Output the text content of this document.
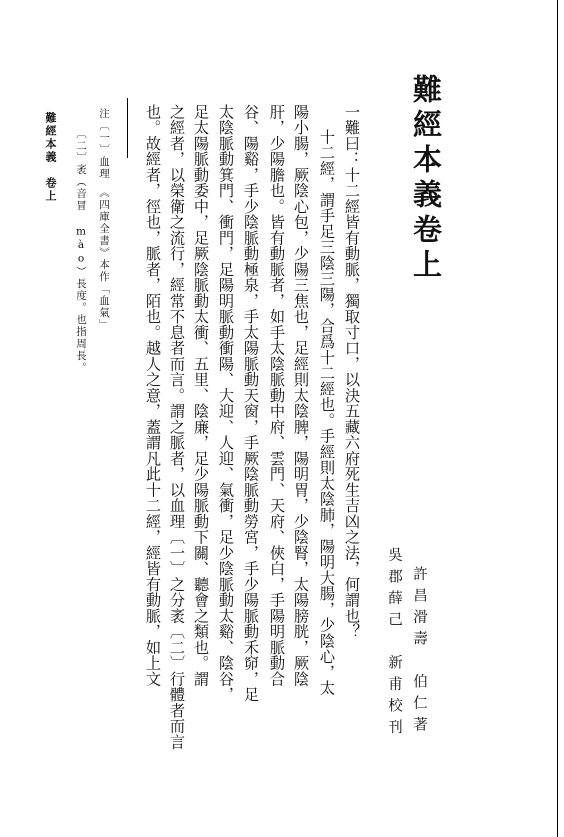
難經本義卷上
許昌滑壽　伯仁著
吳郡薛己　新甫校刊
一難曰：十二經皆有動脈，獨取寸口，以決五藏六府死生吉凶之法，何謂也？
十二經，謂手足三陰三陽，合爲十二經也。手經則太陰肺，陽明大腸，少陰心，太
陽小腸，厥陰心包，少陽三焦也，足經則太陰脾，陽明胃，少陰腎，太陽膀胱，厥陰
肝，少陽膽也。皆有動脈者，如手太陰脈動中府、雲門、天府、俠白，手陽明脈動合
谷、陽谿，手少陰脈動極泉，手太陽脈動天窗，手厥陰脈動勞宮，手少陽脈動禾窌，足
太陰脈動箕門、衝門，足陽明脈動衝陽、大迎、人迎、氣衝，足少陰脈動太谿、陰谷，
足太陽脈動委中，足厥陰脈動太衝、五里、陰廉，足少陽脈動下關、聽會之類也。謂
之經者，以榮衛之流行，經常不息者而言。謂之脈者，以血理〔一〕之分袤〔二〕行體者而言
也。故經者，徑也，脈者，陌也。越人之意，蓋謂凡此十二經，經皆有動脈，如上文
注〔一〕血理　《四庫全書》本作「血氣」
〔二〕袤（音冒 mào）長度。也指周長。
難經本義　卷上
